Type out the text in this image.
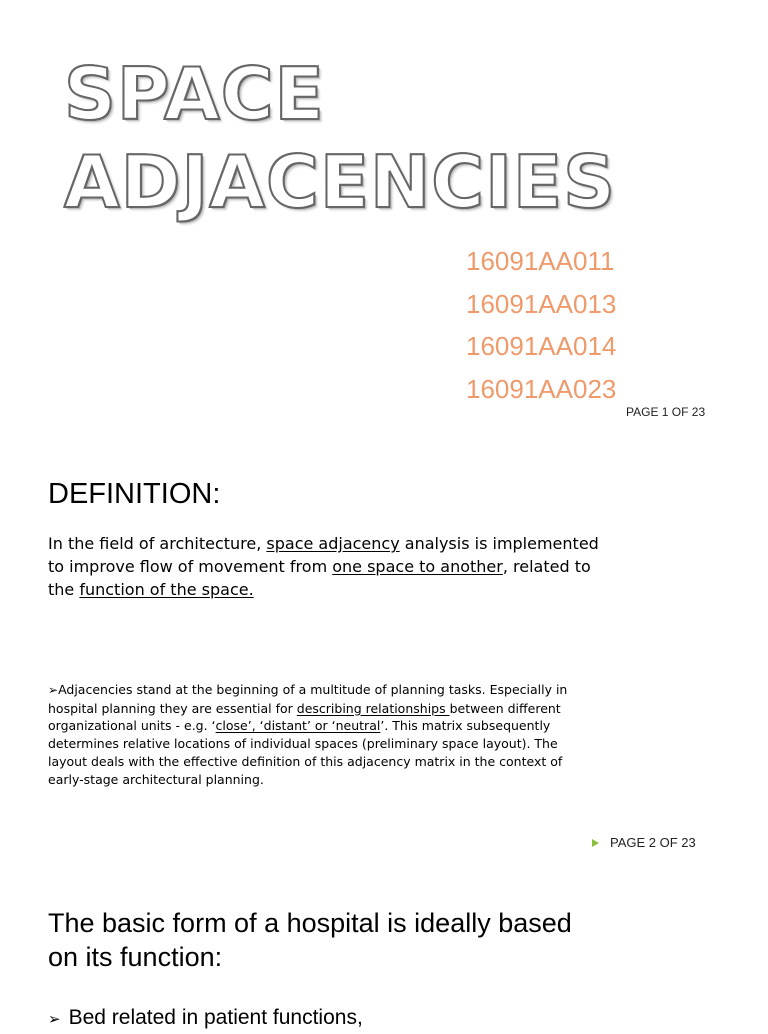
SPACE
ADJACENCIES
16091AA011
16091AA013
16091AA014
16091AA023
PAGE 1 OF 23
DEFINITION:

In the field of architecture, space adjacency analysis is implemented to improve flow of movement from one space to another, related to the function of the space.

➢Adjacencies stand at the beginning of a multitude of planning tasks. Especially in hospital planning they are essential for describing relationships between different organizational units - e.g. ‘close’, ‘distant’ or ‘neutral’. This matrix subsequently determines relative locations of individual spaces (preliminary space layout). The layout deals with the effective definition of this adjacency matrix in the context of early-stage architectural planning.

PAGE 2 OF 23
The basic form of a hospital is ideally based on its function:
➢ Bed related in patient functions,
